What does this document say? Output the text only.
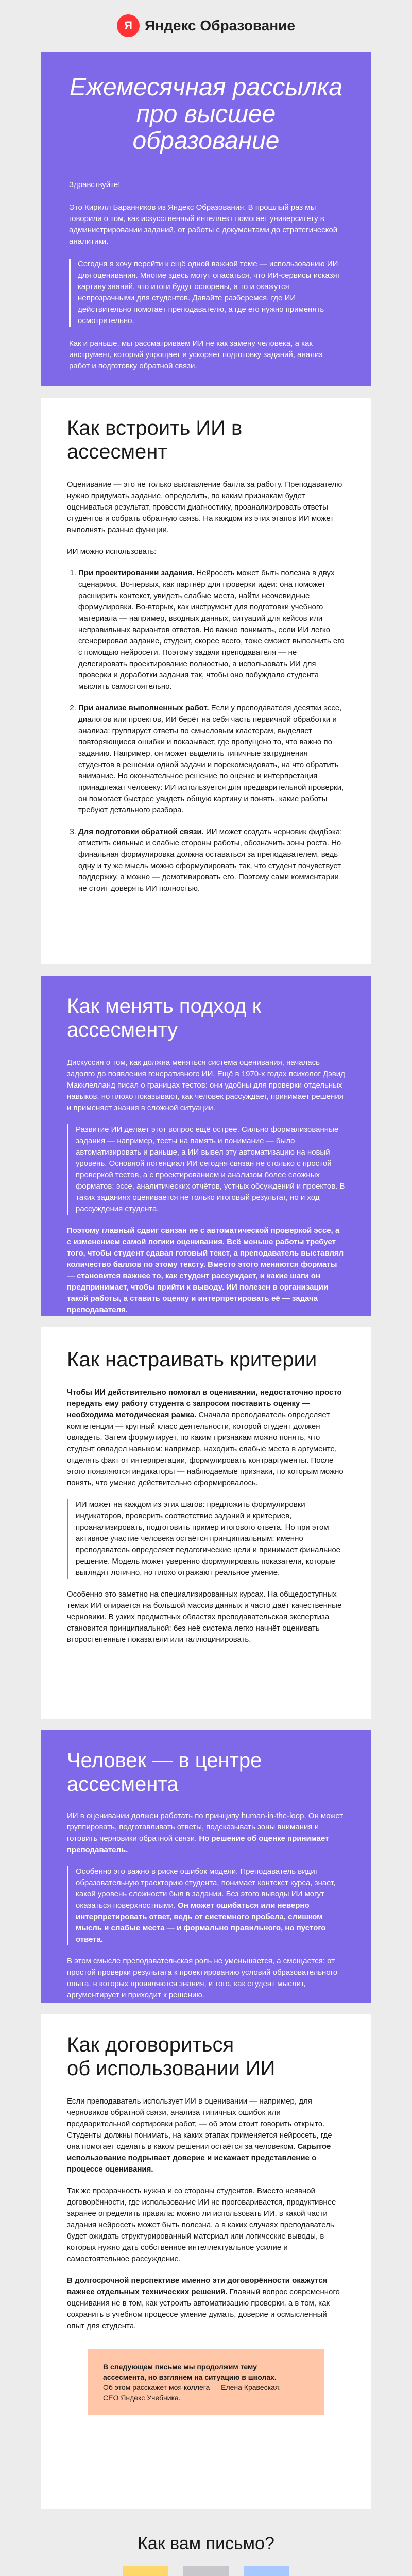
Я Яндекс Образование
Ежемесячная рассылка
про высшее образование

Здравствуйте!

Это Кирилл Баранников из Яндекс Образования. В прошлый раз мы говорили о том, как искусственный интеллект помогает университету в администрировании заданий, от работы с документами до стратегической аналитики.

Сегодня я хочу перейти к ещё одной важной теме — использованию ИИ для оценивания. Многие здесь могут опасаться, что ИИ-сервисы исказят картину знаний, что итоги будут оспорены, а то и окажутся непрозрачными для студентов. Давайте разберемся, где ИИ действительно помогает преподавателю, а где его нужно применять осмотрительно.

Как и раньше, мы рассматриваем ИИ не как замену человека, а как инструмент, который упрощает и ускоряет подготовку заданий, анализ работ и подготовку обратной связи.

Как встроить ИИ в ассесмент

Оценивание — это не только выставление балла за работу. Преподавателю нужно придумать задание, определить, по каким признакам будет оцениваться результат, провести диагностику, проанализировать ответы студентов и собрать обратную связь. На каждом из этих этапов ИИ может выполнять разные функции.

ИИ можно использовать:

1. При проектировании задания. Нейросеть может быть полезна в двух сценариях. Во-первых, как партнёр для проверки идеи: она поможет расширить контекст, увидеть слабые места, найти неочевидные формулировки. Во-вторых, как инструмент для подготовки учебного материала — например, вводных данных, ситуаций для кейсов или неправильных вариантов ответов. Но важно понимать, если ИИ легко сгенерировал задание, студент, скорее всего, тоже сможет выполнить его с помощью нейросети. Поэтому задачи преподавателя — не делегировать проектирование полностью, а использовать ИИ для проверки и доработки задания так, чтобы оно побуждало студента мыслить самостоятельно.
2. При анализе выполненных работ. Если у преподавателя десятки эссе, диалогов или проектов, ИИ берёт на себя часть первичной обработки и анализа: группирует ответы по смысловым кластерам, выделяет повторяющиеся ошибки и показывает, где пропущено то, что важно по заданию. Например, он может выделить типичные затруднения студентов в решении одной задачи и порекомендовать, на что обратить внимание. Но окончательное решение по оценке и интерпретация принадлежат человеку: ИИ используется для предварительной проверки, он помогает быстрее увидеть общую картину и понять, какие работы требуют детального разбора.
3. Для подготовки обратной связи. ИИ может создать черновик фидбэка: отметить сильные и слабые стороны работы, обозначить зоны роста. Но финальная формулировка должна оставаться за преподавателем, ведь одну и ту же мысль можно сформулировать так, что студент почувствует поддержку, а можно — демотивировать его. Поэтому сами комментарии не стоит доверять ИИ полностью.
Как менять подход к ассесменту

Дискуссия о том, как должна меняться система оценивания, началась задолго до появления генеративного ИИ. Ещё в 1970-х годах психолог Дэвид Макклелланд писал о границах тестов: они удобны для проверки отдельных навыков, но плохо показывают, как человек рассуждает, принимает решения и применяет знания в сложной ситуации.

Развитие ИИ делает этот вопрос ещё острее. Сильно формализованные задания — например, тесты на память и понимание — было автоматизировать и раньше, а ИИ вывел эту автоматизацию на новый уровень. Основной потенциал ИИ сегодня связан не столько с простой проверкой тестов, а с проектированием и анализом более сложных форматов: эссе, аналитических отчётов, устных обсуждений и проектов. В таких заданиях оценивается не только итоговый результат, но и ход рассуждения студента.

Поэтому главный сдвиг связан не с автоматической проверкой эссе, а с изменением самой логики оценивания. Всё меньше работы требует того, чтобы студент сдавал готовый текст, а преподаватель выставлял количество баллов по этому тексту. Вместо этого меняются форматы — становится важнее то, как студент рассуждает, и какие шаги он предпринимает, чтобы прийти к выводу. ИИ полезен в организации такой работы, а ставить оценку и интерпретировать её — задача преподавателя.

Как настраивать критерии

Чтобы ИИ действительно помогал в оценивании, недостаточно просто передать ему работу студента с запросом поставить оценку — необходима методическая рамка. Сначала преподаватель определяет компетенции — крупный класс деятельности, которой студент должен овладеть. Затем формулирует, по каким признакам можно понять, что студент овладел навыком: например, находить слабые места в аргументе, отделять факт от интерпретации, формулировать контраргументы. После этого появляются индикаторы — наблюдаемые признаки, по которым можно понять, что умение действительно сформировалось.

ИИ может на каждом из этих шагов: предложить формулировки индикаторов, проверить соответствие заданий и критериев, проанализировать, подготовить пример итогового ответа. Но при этом активное участие человека остаётся принципиальным: именно преподаватель определяет педагогические цели и принимает финальное решение. Модель может уверенно формулировать показатели, которые выглядят логично, но плохо отражают реальное умение.

Особенно это заметно на специализированных курсах. На общедоступных темах ИИ опирается на большой массив данных и часто даёт качественные черновики. В узких предметных областях преподавательская экспертиза становится принципиальной: без неё система легко начнёт оценивать второстепенные показатели или галлюцинировать.

Человек — в центре ассесмента

ИИ в оценивании должен работать по принципу human-in-the-loop. Он может группировать, подготавливать ответы, подсказывать зоны внимания и готовить черновики обратной связи. Но решение об оценке принимает преподаватель.

Особенно это важно в риске ошибок модели. Преподаватель видит образовательную траекторию студента, понимает контекст курса, знает, какой уровень сложности был в задании. Без этого выводы ИИ могут оказаться поверхностными. Он может ошибаться или неверно интерпретировать ответ, ведь от системного пробела, слишком мысль и слабые места — и формально правильного, но пустого ответа.

В этом смысле преподавательская роль не уменьшается, а смещается: от простой проверки результата к проектированию условий образовательного опыта, в которых проявляются знания, и того, как студент мыслит, аргументирует и приходит к решению.

Как договориться
об использовании ИИ

Если преподаватель использует ИИ в оценивании — например, для черновиков обратной связи, анализа типичных ошибок или предварительной сортировки работ, — об этом стоит говорить открыто. Студенты должны понимать, на каких этапах применяется нейросеть, где она помогает сделать в каком решении остаётся за человеком. Скрытое использование подрывает доверие и искажает представление о процессе оценивания.

Так же прозрачность нужна и со стороны студентов. Вместо неявной договорённости, где использование ИИ не проговаривается, продуктивнее заранее определить правила: можно ли использовать ИИ, в какой части задания нейросеть может быть полезна, а в каких случаях преподаватель будет ожидать структурированный материал или логические выводы, в которых нужно дать собственное интеллектуальное усилие и самостоятельное рассуждение.

В долгосрочной перспективе именно эти договорённости окажутся важнее отдельных технических решений. Главный вопрос современного оценивания не в том, как устроить автоматизацию проверки, а в том, как сохранить в учебном процессе умение думать, доверие и осмысленный опыт для студента.

В следующем письме мы продолжим тему
ассесмента, но взглянем на ситуацию в школах.
Об этом расскажет моя коллега — Елена Кравеская,
CEO Яндекс Учебника.
Как вам письмо?
